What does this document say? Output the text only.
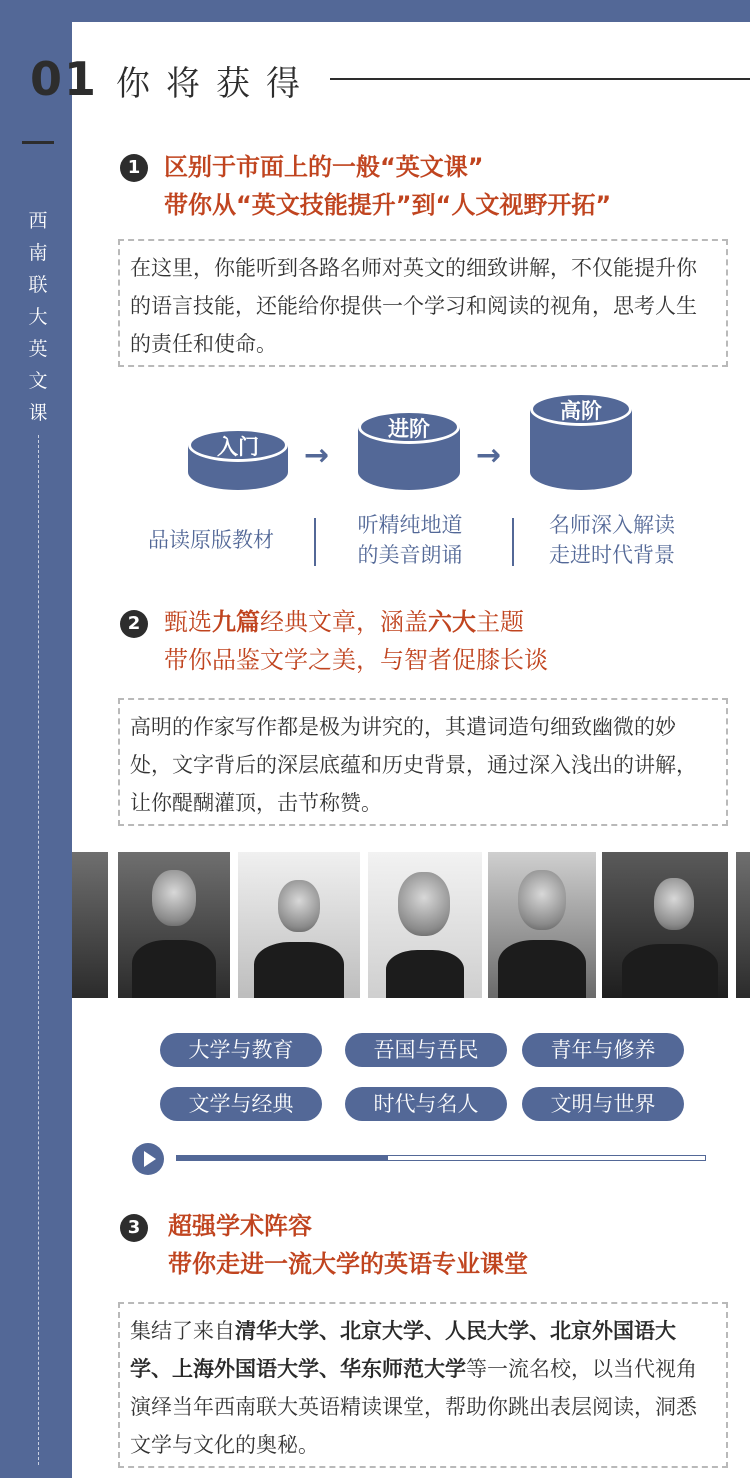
01 你 将 获 得
西
南
联
大
英
文
课
1 区别于市面上的一般“英文课”
带你从“英文技能提升”到“人文视野开拓”
在这里，你能听到各路名师对英文的细致讲解，不仅能提升你的语言技能，还能给你提供一个学习和阅读的视角，思考人生的责任和使命。
入门	→
进阶
→
高阶
品读原版教材
听精纯地道
的美音朗诵
名师深入解读
走进时代背景
2 甄选九篇经典文章，涵盖六大主题
带你品鉴文学之美，与智者促膝长谈
高明的作家写作都是极为讲究的，其遣词造句细致幽微的妙处，文字背后的深层底蕴和历史背景，通过深入浅出的讲解，让你醍醐灌顶，击节称赞。
大学与教育	吾国与吾民	青年与修养
文学与经典	时代与名人	文明与世界
3	超强学术阵容
带你走进一流大学的英语专业课堂
集结了来自清华大学、北京大学、人民大学、北京外国语大学、上海外国语大学、华东师范大学等一流名校，以当代视角演绎当年西南联大英语精读课堂，帮助你跳出表层阅读，洞悉文学与文化的奥秘。
